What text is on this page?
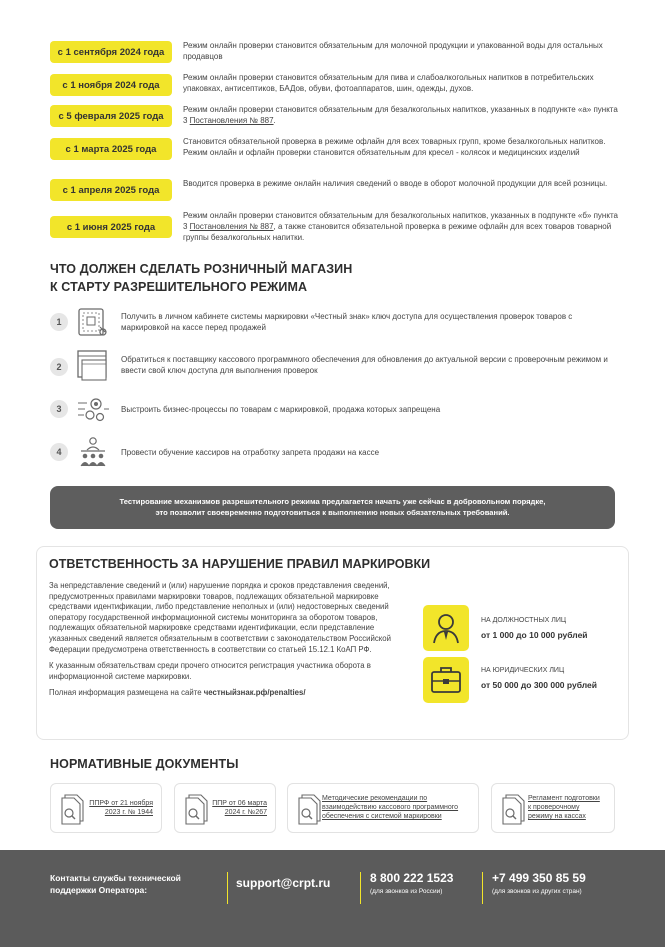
с 1 сентября 2024 года
Режим онлайн проверки становится обязательным для молочной продукции и упакованной воды для остальных продавцов
с 1 ноября 2024 года
Режим онлайн проверки становится обязательным для пива и слабоалкогольных напитков в потребительских упаковках, антисептиков, БАДов, обуви, фотоаппаратов, шин, одежды, духов.
с 5 февраля 2025 года
Режим онлайн проверки становится обязательным для безалкогольных напитков, указанных в подпункте «а» пункта 3 Постановления № 887.
с 1 марта 2025 года
Становится обязательной проверка в режиме офлайн для всех товарных групп, кроме безалкогольных напитков. Режим онлайн и офлайн проверки становится обязательным для кресел - колясок и медицинских изделий
с 1 апреля 2025 года
Вводится проверка в режиме онлайн наличия сведений о вводе в оборот молочной продукции для всей розницы.
с 1 июня 2025 года
Режим онлайн проверки становится обязательным для безалкогольных напитков, указанных в подпункте «б» пункта 3 Постановления № 887, а также становится обязательной проверка в режиме офлайн для всех товаров товарной группы безалкогольных напитки.
ЧТО ДОЛЖЕН СДЕЛАТЬ РОЗНИЧНЫЙ МАГАЗИН
К СТАРТУ РАЗРЕШИТЕЛЬНОГО РЕЖИМА
1
Получить в личном кабинете системы маркировки «Честный знак» ключ доступа для осуществления проверок товаров с маркировкой на кассе перед продажей
2
Обратиться к поставщику кассового программного обеспечения для обновления до актуальной версии с проверочным режимом и ввести свой ключ доступа для выполнения проверок
3	Выстроить бизнес-процессы по товарам с маркировкой, продажа которых запрещена
4	Провести обучение кассиров на отработку запрета продажи на кассе
Тестирование механизмов разрешительного режима предлагается начать уже сейчас в добровольном порядке,
это позволит своевременно подготовиться к выполнению новых обязательных требований.
ОТВЕТСТВЕННОСТЬ ЗА НАРУШЕНИЕ ПРАВИЛ МАРКИРОВКИ

За непредставление сведений и (или) нарушение порядка и сроков представления сведений, предусмотренных правилами маркировки товаров, подлежащих обязательной маркировке средствами идентификации, либо представление неполных и (или) недостоверных сведений оператору государственной информационной системы мониторинга за оборотом товаров, подлежащих обязательной маркировке средствами идентификации, если представление указанных сведений является обязательным в соответствии с законодательством Российской Федерации предусмотрена ответственность в соответствии со статьей 15.12.1 КоАП РФ.

К указанным обязательствам среди прочего относится регистрация участника оборота в информационной системе маркировки.

Полная информация размещена на сайте честныйзнак.рф/penalties/

НА ДОЛЖНОСТНЫХ ЛИЦ
от 1 000 до 10 000 рублей
НА ЮРИДИЧЕСКИХ ЛИЦ
от 50 000 до 300 000 рублей
НОРМАТИВНЫЕ ДОКУМЕНТЫ
ППРФ от 21 ноября
2023 г. № 1944
ППР от 06 марта
2024 г. №267
Методические рекомендации по
взаимодействию кассового программного
обеспечения с системой маркировки
Регламент подготовки
к проверочному
режиму на кассах
Контакты службы технической
поддержки Оператора:	support@crpt.ru	8 800 222 1523
(для звонков из России)
+7 499 350 85 59
(для звонков из других стран)
